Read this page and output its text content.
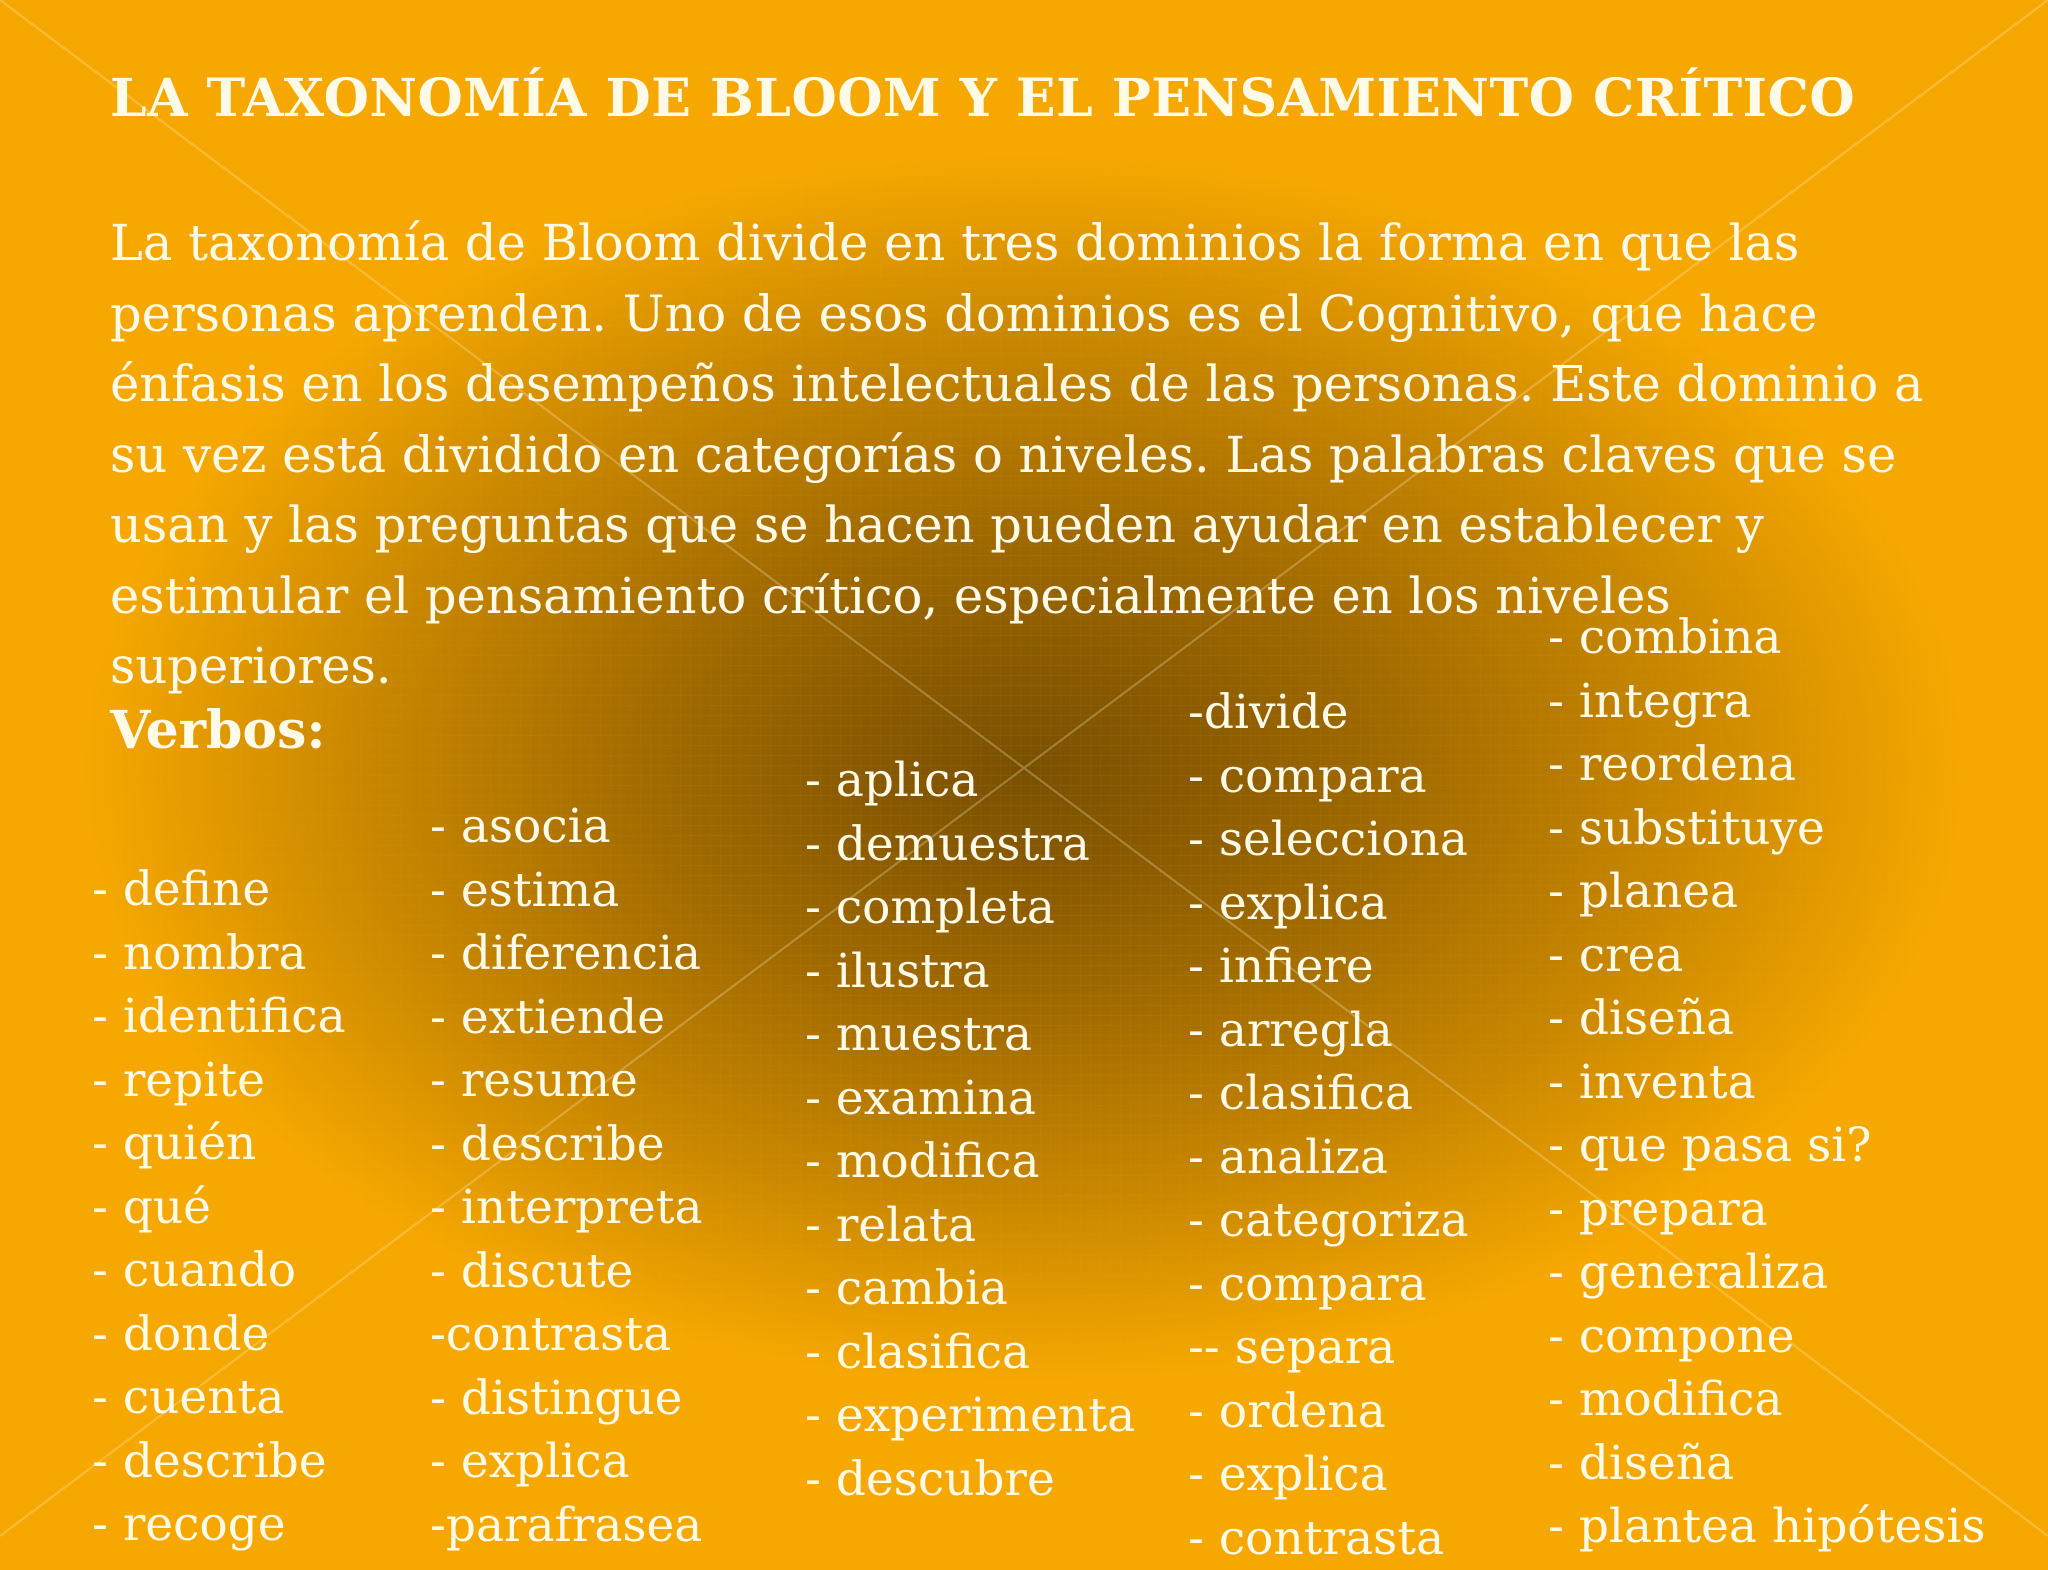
LA TAXONOMÍA DE BLOOM Y EL PENSAMIENTO CRÍTICO
La taxonomía de Bloom divide en tres dominios la forma en que las personas aprenden. Uno de esos dominios es el Cognitivo, que hace énfasis en los desempeños intelectuales de las personas. Este dominio a su vez está dividido en categorías o niveles. Las palabras claves que se usan y las preguntas que se hacen pueden ayudar en establecer y estimular el pensamiento crítico, especialmente en los niveles superiores.
Verbos:
- define
- nombra
- identifica
- repite
- quién
- qué
- cuando
- donde
- cuenta
- describe
- recoge
- asocia
- estima
- diferencia
- extiende
- resume
- describe
- interpreta
- discute
-contrasta
- distingue
- explica
-parafrasea
- aplica
- demuestra
- completa
- ilustra
- muestra
- examina
- modifica
- relata
- cambia
- clasifica
- experimenta
- descubre
-divide
- compara
- selecciona
- explica
- infiere
- arregla
- clasifica
- analiza
- categoriza
- compara
-- separa
- ordena
- explica
- contrasta
- combina
- integra
- reordena
- substituye
- planea
- crea
- diseña
- inventa
- que pasa si?
- prepara
- generaliza
- compone
- modifica
- diseña
- plantea hipótesis
